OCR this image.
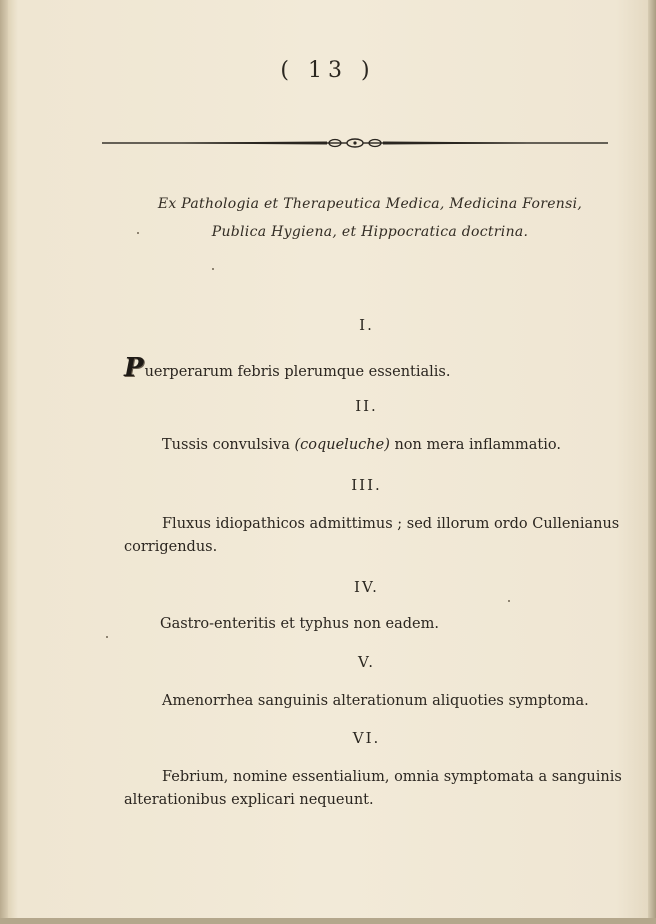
( 13 )
Ex Pathologia et Therapeutica Medica, Medicina Forensi,
Publica Hygiena, et Hippocratica doctrina.
I.
Puerperarum febris plerumque essentialis.
II.
Tussis convulsiva (coqueluche) non mera inflammatio.
III.
Fluxus idiopathicos admittimus ; sed illorum ordo Cullenianus corrigendus.
IV.
Gastro-enteritis et typhus non eadem.
V.
Amenorrhea sanguinis alterationum aliquoties symptoma.
VI.
Febrium, nomine essentialium, omnia symptomata a sanguinis alterationibus explicari nequeunt.
